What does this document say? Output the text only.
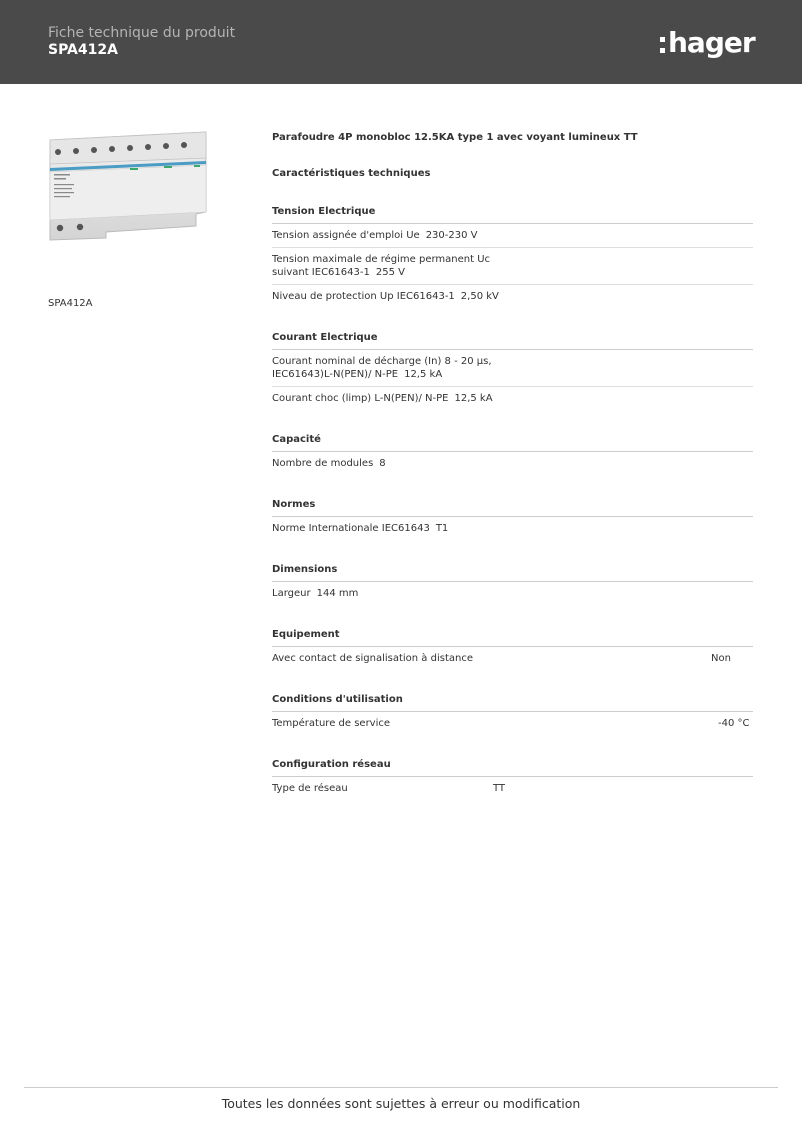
Fiche technique du produit
SPA412A	hager
SPA412A
Parafoudre 4P monobloc 12.5KA type 1 avec voyant lumineux TT
Caractéristiques techniques
Tension Electrique
Tension assignée d'emploi Ue 230-230 V
Tension maximale de régime permanent Uc
suivant IEC61643-1 255 V
Niveau de protection Up IEC61643-1 2,50 kV
Courant Electrique
Courant nominal de décharge (In) 8 - 20 µs,
IEC61643)L-N(PEN)/ N-PE 12,5 kA
Courant choc (limp) L-N(PEN)/ N-PE 12,5 kA
Capacité
Nombre de modules 8
Normes
Norme Internationale IEC61643 T1
Dimensions
Largeur 144 mm
Equipement
Avec contact de signalisation à distance	Non
Conditions d'utilisation
Température de service	-40 °C
Configuration réseau
Type de réseau	TT
Toutes les données sont sujettes à erreur ou modification
